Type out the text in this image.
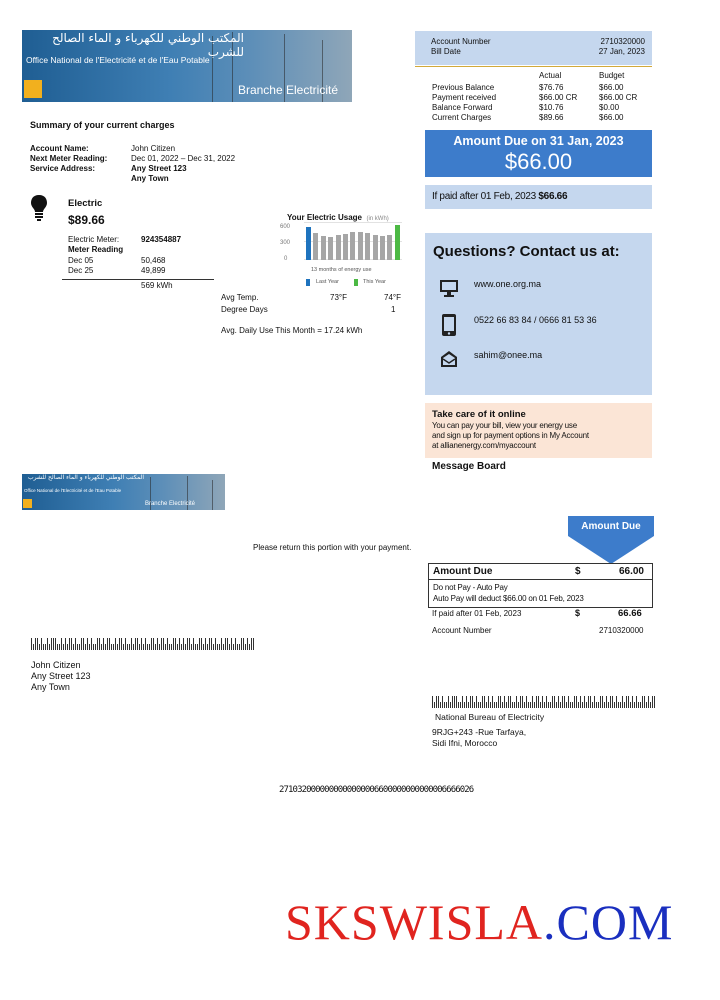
المكتب الوطني للكهرباء و الماء الصالح للشرب
Office National de l'Electricité et de l'Eau Potable
Branche Electricité
Account Number	2710320000
Bill Date	27 Jan, 2023
Actual	Budget
Previous Balance	$76.76	$66.00
Payment received	$66.00 CR	$66.00 CR
Balance Forward	$10.76	$0.00
Current Charges	$89.66	$66.00
Amount Due on 31 Jan, 2023
$66.00
If paid after 01 Feb, 2023 $66.66
Questions? Contact us at:
www.one.org.ma
0522 66 83 84 / 0666 81 53 36
sahim@onee.ma
Take care of it online
You can pay your bill, view your energy use
and sign up for payment options in My Account
at allianenergy.com/myaccount
Message Board
Summary of your current charges
Account Name:	John Citizen
Next Meter Reading:	Dec 01, 2022 – Dec 31, 2022
Service Address:	Any Street 123
Any Town
Electric
$89.66
Electric Meter:	924354887
Meter Reading
Dec 05	50,468
Dec 25	49,899
569 kWh
Your Electric Usage (in kWh)
600
300
0
13 months of energy use
Last Year	This Year
Avg Temp.	73°F	74°F
Degree Days	1
Avg. Daily Use This Month = 17.24 kWh
المكتب الوطني للكهرباء و الماء الصالح للشرب
Office National de l'Electricité et de l'Eau Potable
Branche Electricité
Please return this portion with your payment.
Amount Due
Amount Due	$	66.00
Do not Pay - Auto Pay
Auto Pay will deduct $66.00 on 01 Feb, 2023
If paid after 01 Feb, 2023	$	66.66
Account Number	2710320000
John Citizen
Any Street 123
Any Town
National Bureau of Electricity
9RJG+243 -Rue Tarfaya,
Sidi Ifni, Morocco
2710320000000000000006600000000000006666026
SKSWISLA.COM
